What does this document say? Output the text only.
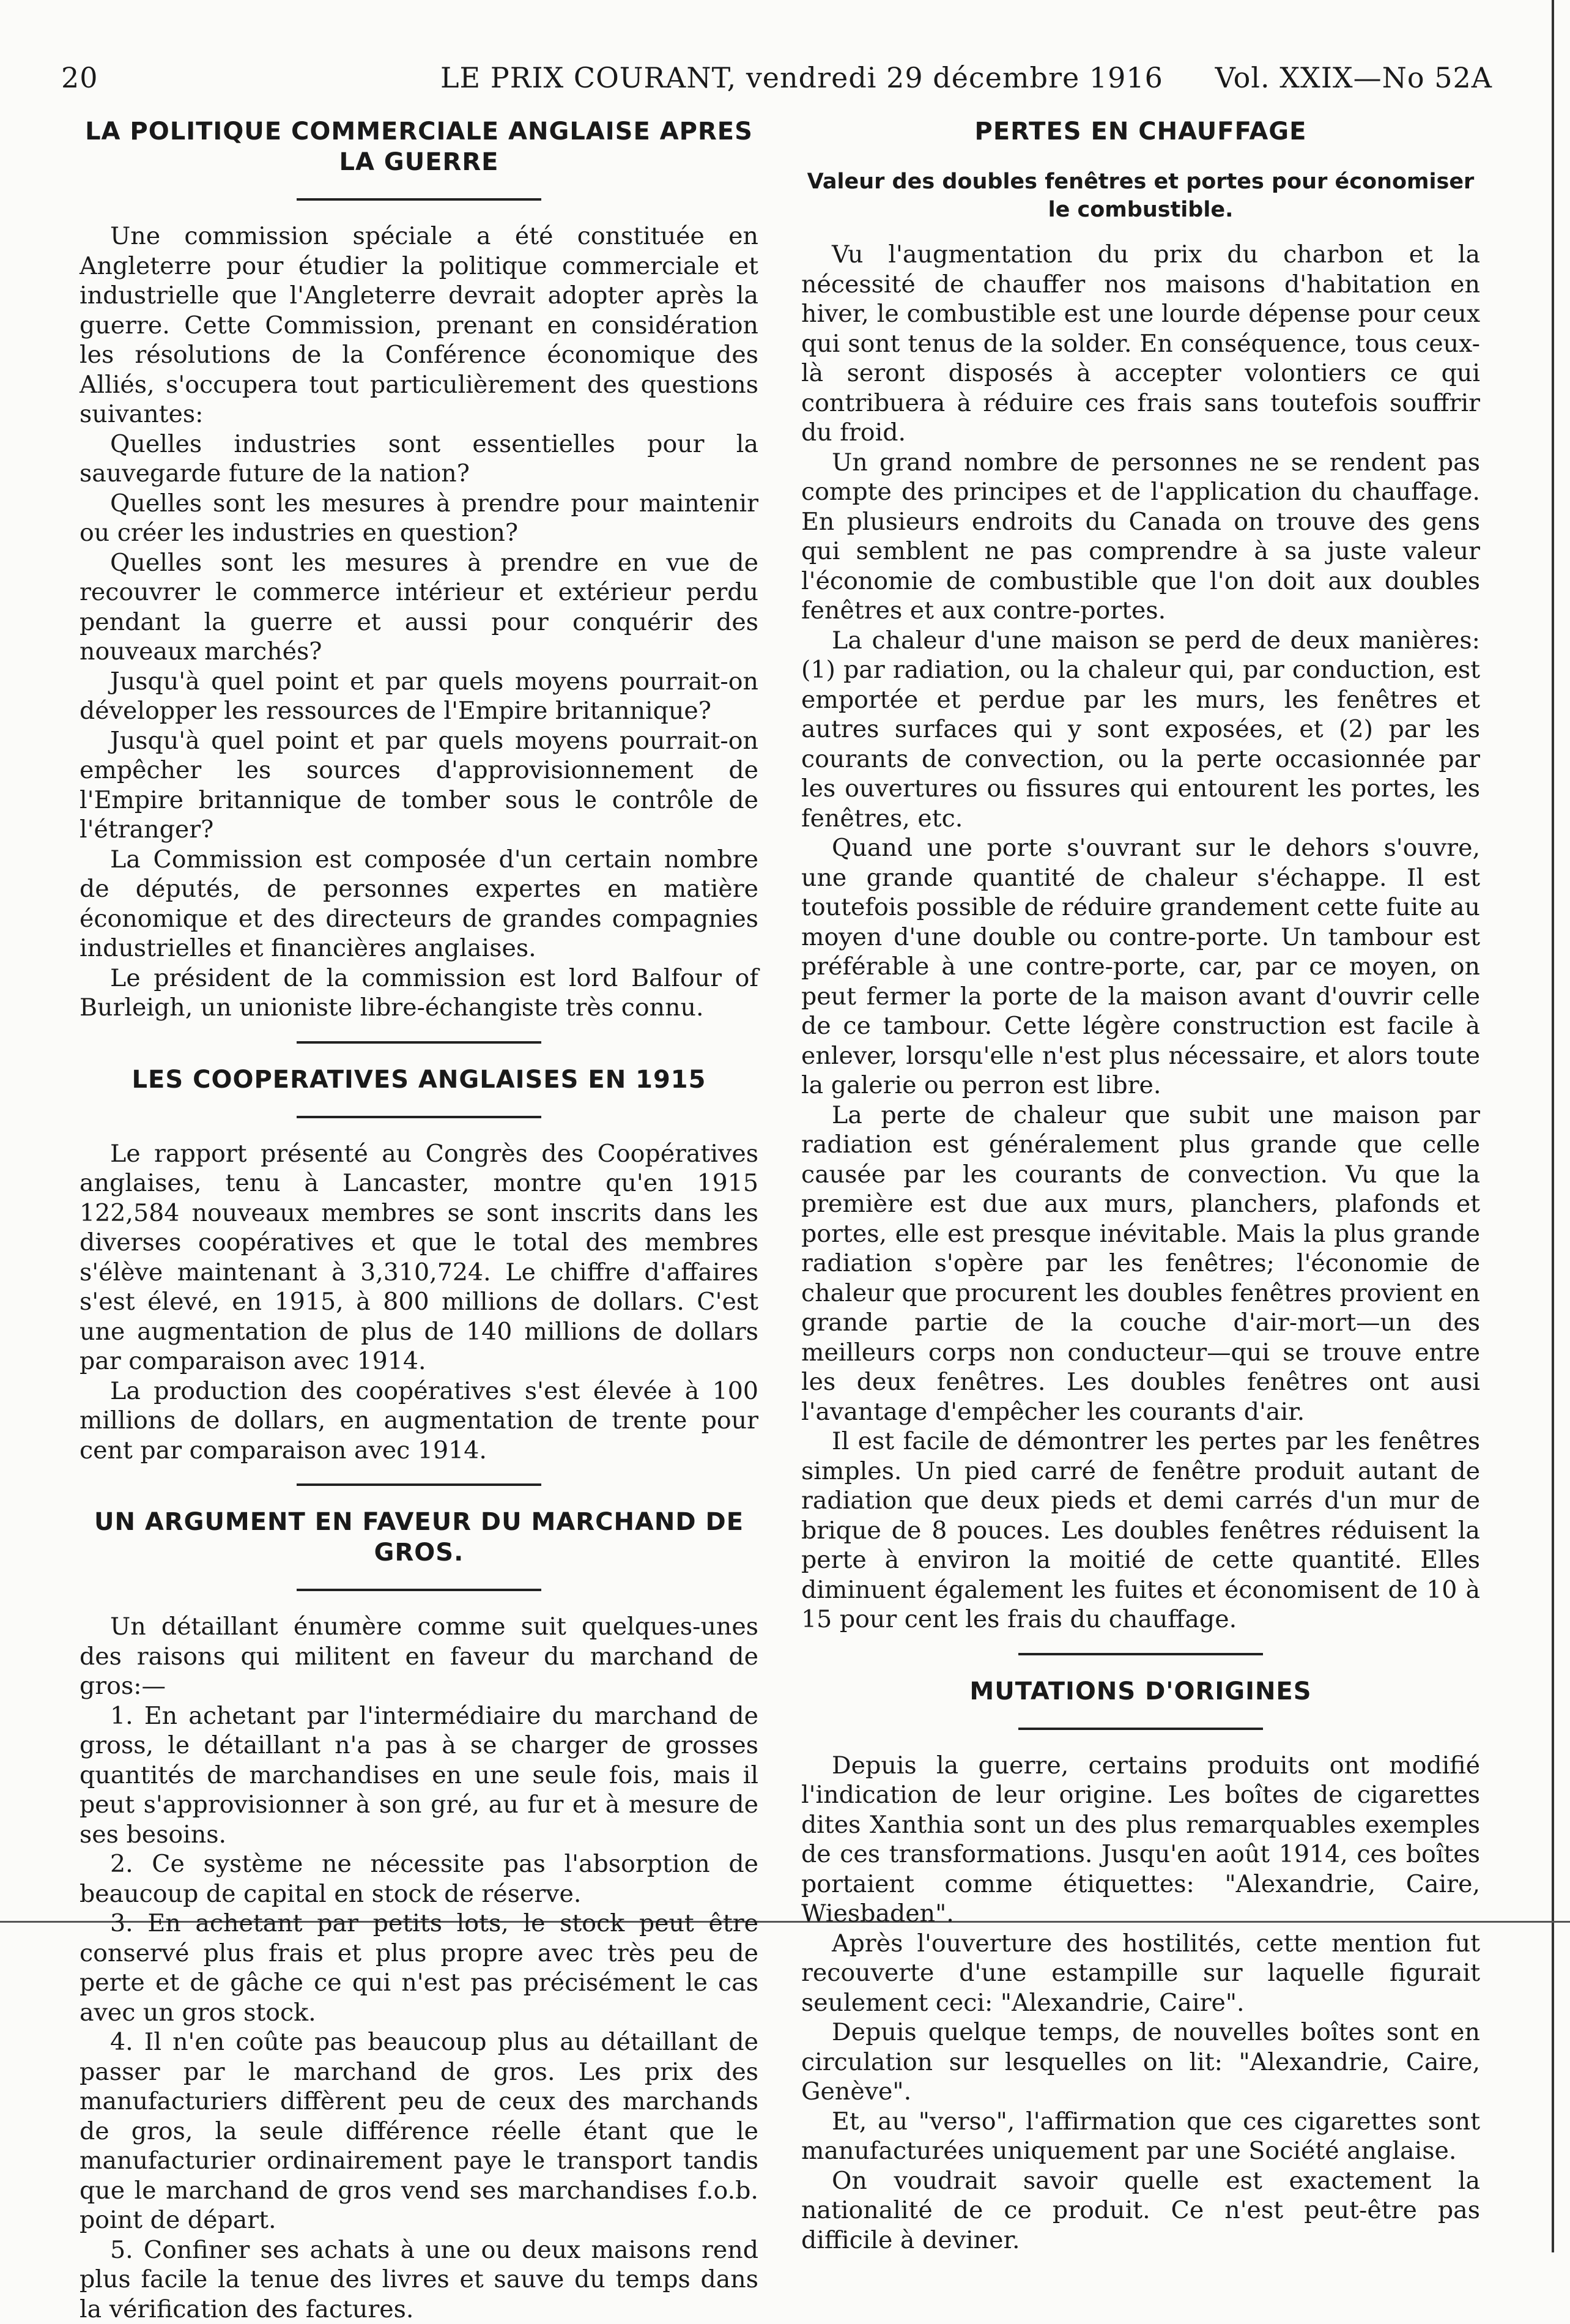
20	LE PRIX COURANT, vendredi 29 décembre 1916 Vol. XXIX—No 52A
LA POLITIQUE COMMERCIALE ANGLAISE APRES LA GUERRE

Une commission spéciale a été constituée en Angleterre pour étudier la politique commerciale et industrielle que l'Angleterre devrait adopter après la guerre. Cette Commission, prenant en considération les résolutions de la Conférence économique des Alliés, s'occupera tout particulièrement des questions suivantes:

Quelles industries sont essentielles pour la sauvegarde future de la nation?

Quelles sont les mesures à prendre pour maintenir ou créer les industries en question?

Quelles sont les mesures à prendre en vue de recouvrer le commerce intérieur et extérieur perdu pendant la guerre et aussi pour conquérir des nouveaux marchés?

Jusqu'à quel point et par quels moyens pourrait-on développer les ressources de l'Empire britannique?

Jusqu'à quel point et par quels moyens pourrait-on empêcher les sources d'approvisionnement de l'Empire britannique de tomber sous le contrôle de l'étranger?

La Commission est composée d'un certain nombre de députés, de personnes expertes en matière économique et des directeurs de grandes compagnies industrielles et financières anglaises.

Le président de la commission est lord Balfour of Burleigh, un unioniste libre-échangiste très connu.

LES COOPERATIVES ANGLAISES EN 1915

Le rapport présenté au Congrès des Coopératives anglaises, tenu à Lancaster, montre qu'en 1915 122,584 nouveaux membres se sont inscrits dans les diverses coopératives et que le total des membres s'élève maintenant à 3,310,724. Le chiffre d'affaires s'est élevé, en 1915, à 800 millions de dollars. C'est une augmentation de plus de 140 millions de dollars par comparaison avec 1914.

La production des coopératives s'est élevée à 100 millions de dollars, en augmentation de trente pour cent par comparaison avec 1914.

UN ARGUMENT EN FAVEUR DU MARCHAND DE GROS.

Un détaillant énumère comme suit quelques-unes des raisons qui militent en faveur du marchand de gros:—

1. En achetant par l'intermédiaire du marchand de gross, le détaillant n'a pas à se charger de grosses quantités de marchandises en une seule fois, mais il peut s'approvisionner à son gré, au fur et à mesure de ses besoins.

2. Ce système ne nécessite pas l'absorption de beaucoup de capital en stock de réserve.

3. En achetant par petits lots, le stock peut être conservé plus frais et plus propre avec très peu de perte et de gâche ce qui n'est pas précisément le cas avec un gros stock.

4. Il n'en coûte pas beaucoup plus au détaillant de passer par le marchand de gros. Les prix des manufacturiers diffèrent peu de ceux des marchands de gros, la seule différence réelle étant que le manufacturier ordinairement paye le transport tandis que le marchand de gros vend ses marchandises f.o.b. point de départ.

5. Confiner ses achats à une ou deux maisons rend plus facile la tenue des livres et sauve du temps dans la vérification des factures.

PERTES EN CHAUFFAGE
Valeur des doubles fenêtres et portes pour économiser le combustible.

Vu l'augmentation du prix du charbon et la nécessité de chauffer nos maisons d'habitation en hiver, le combustible est une lourde dépense pour ceux qui sont tenus de la solder. En conséquence, tous ceux-là seront disposés à accepter volontiers ce qui contribuera à réduire ces frais sans toutefois souffrir du froid.

Un grand nombre de personnes ne se rendent pas compte des principes et de l'application du chauffage. En plusieurs endroits du Canada on trouve des gens qui semblent ne pas comprendre à sa juste valeur l'économie de combustible que l'on doit aux doubles fenêtres et aux contre-portes.

La chaleur d'une maison se perd de deux manières: (1) par radiation, ou la chaleur qui, par conduction, est emportée et perdue par les murs, les fenêtres et autres surfaces qui y sont exposées, et (2) par les courants de convection, ou la perte occasionnée par les ouvertures ou fissures qui entourent les portes, les fenêtres, etc.

Quand une porte s'ouvrant sur le dehors s'ouvre, une grande quantité de chaleur s'échappe. Il est toutefois possible de réduire grandement cette fuite au moyen d'une double ou contre-porte. Un tambour est préférable à une contre-porte, car, par ce moyen, on peut fermer la porte de la maison avant d'ouvrir celle de ce tambour. Cette légère construction est facile à enlever, lorsqu'elle n'est plus nécessaire, et alors toute la galerie ou perron est libre.

La perte de chaleur que subit une maison par radiation est généralement plus grande que celle causée par les courants de convection. Vu que la première est due aux murs, planchers, plafonds et portes, elle est presque inévitable. Mais la plus grande radiation s'opère par les fenêtres; l'économie de chaleur que procurent les doubles fenêtres provient en grande partie de la couche d'air-mort—un des meilleurs corps non conducteur—qui se trouve entre les deux fenêtres. Les doubles fenêtres ont ausi l'avantage d'empêcher les courants d'air.

Il est facile de démontrer les pertes par les fenêtres simples. Un pied carré de fenêtre produit autant de radiation que deux pieds et demi carrés d'un mur de brique de 8 pouces. Les doubles fenêtres réduisent la perte à environ la moitié de cette quantité. Elles diminuent également les fuites et économisent de 10 à 15 pour cent les frais du chauffage.

MUTATIONS D'ORIGINES

Depuis la guerre, certains produits ont modifié l'indication de leur origine. Les boîtes de cigarettes dites Xanthia sont un des plus remarquables exemples de ces transformations. Jusqu'en août 1914, ces boîtes portaient comme étiquettes: "Alexandrie, Caire, Wiesbaden".

Après l'ouverture des hostilités, cette mention fut recouverte d'une estampille sur laquelle figurait seulement ceci: "Alexandrie, Caire".

Depuis quelque temps, de nouvelles boîtes sont en circulation sur lesquelles on lit: "Alexandrie, Caire, Genève".

Et, au "verso", l'affirmation que ces cigarettes sont manufacturées uniquement par une Société anglaise.

On voudrait savoir quelle est exactement la nationalité de ce produit. Ce n'est peut-être pas difficile à deviner.
